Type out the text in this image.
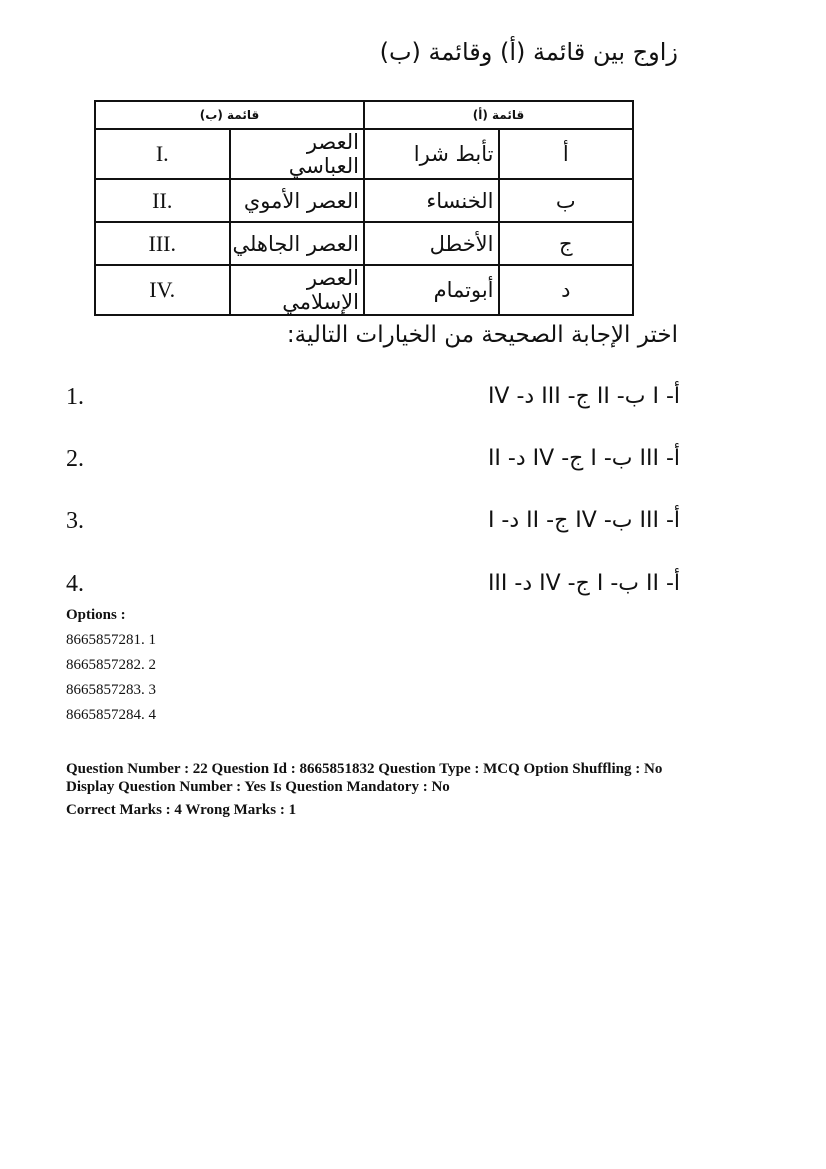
زاوج بين قائمة (أ) وقائمة (ب)
قائمة (ب)		قائمة (أ)	
I.	العصر العباسي	تأبط شرا	أ
II.	العصر الأموي	الخنساء	ب
III.	العصر الجاهلي	الأخطل	ج
IV.	العصر الإسلامي	أبوتمام	د
اختر الإجابة الصحيحة من الخيارات التالية:
1.	أ- I ب- II ج- III د- IV
2.	أ- III ب- I ج- IV د- II
3.	أ- III ب- IV ج- II د- I
4.	أ- II ب- I ج- IV د- III
Options :
8665857281. 1
8665857282. 2
8665857283. 3
8665857284. 4
Question Number : 22 Question Id : 8665851832 Question Type : MCQ Option Shuffling : No
Display Question Number : Yes Is Question Mandatory : No
Correct Marks : 4 Wrong Marks : 1
